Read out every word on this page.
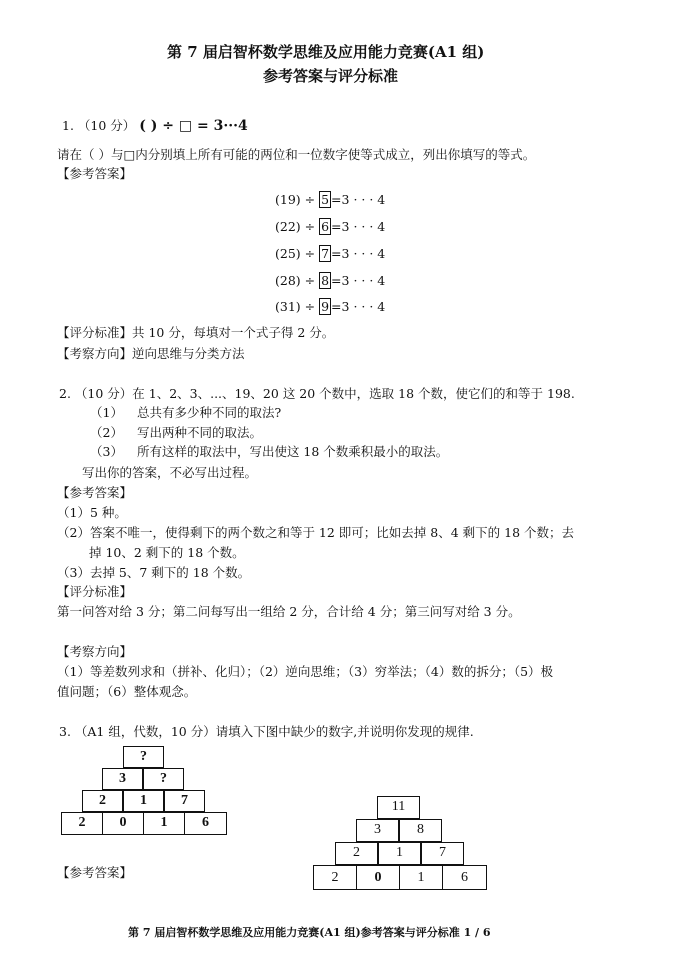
第 7 届启智杯数学思维及应用能力竞赛(A1 组)
参考答案与评分标准
1. （10 分） ( ) ÷ □ = 3···4
请在（ ）与□内分别填上所有可能的两位和一位数字使等式成立，列出你填写的等式。
【参考答案】
(19) ÷ 5 =3 · · · 4
(22) ÷ 6 =3 · · · 4
(25) ÷ 7 =3 · · · 4
(28) ÷ 8 =3 · · · 4
(31) ÷ 9 =3 · · · 4
【评分标准】共 10 分，每填对一个式子得 2 分。
【考察方向】逆向思维与分类方法
2. （10 分）在 1、2、3、...、19、20 这 20 个数中，选取 18 个数，使它们的和等于 198.
（1） 总共有多少种不同的取法?
（2） 写出两种不同的取法。
（3） 所有这样的取法中，写出使这 18 个数乘积最小的取法。
写出你的答案，不必写出过程。
【参考答案】
（1）5 种。
（2）答案不唯一，使得剩下的两个数之和等于 12 即可；比如去掉 8、4 剩下的 18 个数；去
掉 10、2 剩下的 18 个数。
（3）去掉 5、7 剩下的 18 个数。
【评分标准】
第一问答对给 3 分；第二问每写出一组给 2 分，合计给 4 分；第三问写对给 3 分。
【考察方向】
（1）等差数列求和（拼补、化归）；（2）逆向思维；（3）穷举法；（4）数的拆分；（5）极
值问题；（6）整体观念。
3. （A1 组，代数，10 分）请填入下图中缺少的数字,并说明你发现的规律.
?
3	?
2	1	7
2	0	1	6
【参考答案】
11
3	8
2	1	7
2	0	1	6
第 7 届启智杯数学思维及应用能力竞赛(A1 组)参考答案与评分标准 1 / 6
